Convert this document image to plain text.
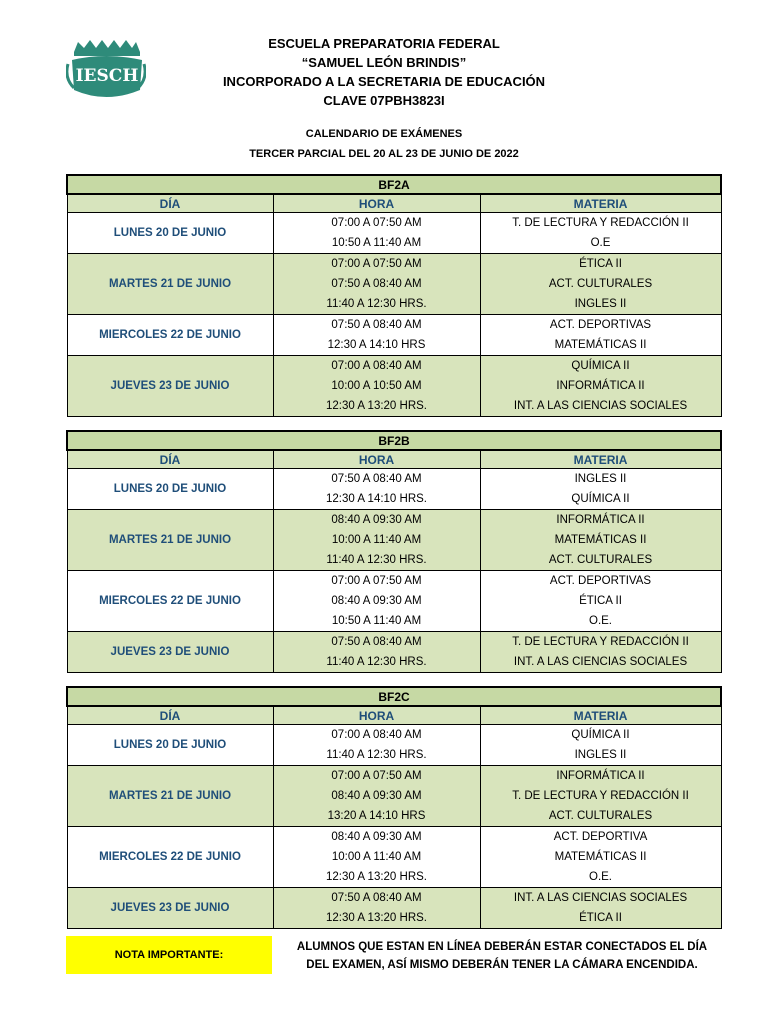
IESCH
ESCUELA PREPARATORIA FEDERAL
“SAMUEL LEÓN BRINDIS”
INCORPORADO A LA SECRETARIA DE EDUCACIÓN
CLAVE 07PBH3823I
CALENDARIO DE EXÁMENES
TERCER PARCIAL DEL 20 AL 23 DE JUNIO DE 2022
BF2A		
DÍA	HORA	MATERIA
LUNES 20 DE JUNIO	07:00 A 07:50 AM	T. DE LECTURA Y REDACCIÓN II
	10:50 A 11:40 AM	O.E
MARTES 21 DE JUNIO	07:00 A 07:50 AM	ÉTICA II
	07:50 A 08:40 AM	ACT. CULTURALES
	11:40 A 12:30 HRS.	INGLES II
MIERCOLES 22 DE JUNIO	07:50 A 08:40 AM	ACT. DEPORTIVAS
	12:30 A 14:10 HRS	MATEMÁTICAS II
JUEVES 23 DE JUNIO	07:00 A 08:40 AM	QUÍMICA II
	10:00 A 10:50 AM	INFORMÁTICA II
	12:30 A 13:20 HRS.	INT. A LAS CIENCIAS SOCIALES
BF2B		
DÍA	HORA	MATERIA
LUNES 20 DE JUNIO	07:50 A 08:40 AM	INGLES II
	12:30 A 14:10 HRS.	QUÍMICA II
MARTES 21 DE JUNIO	08:40 A 09:30 AM	INFORMÁTICA II
	10:00 A 11:40 AM	MATEMÁTICAS II
	11:40 A 12:30 HRS.	ACT. CULTURALES
MIERCOLES 22 DE JUNIO	07:00 A 07:50 AM	ACT. DEPORTIVAS
	08:40 A 09:30 AM	ÉTICA II
	10:50 A 11:40 AM	O.E.
JUEVES 23 DE JUNIO	07:50 A 08:40 AM	T. DE LECTURA Y REDACCIÓN II
	11:40 A 12:30 HRS.	INT. A LAS CIENCIAS SOCIALES
BF2C		
DÍA	HORA	MATERIA
LUNES 20 DE JUNIO	07:00 A 08:40 AM	QUÍMICA II
	11:40 A 12:30 HRS.	INGLES II
MARTES 21 DE JUNIO	07:00 A 07:50 AM	INFORMÁTICA II
	08:40 A 09:30 AM	T. DE LECTURA Y REDACCIÓN II
	13:20 A 14:10 HRS	ACT. CULTURALES
MIERCOLES 22 DE JUNIO	08:40 A 09:30 AM	ACT. DEPORTIVA
	10:00 A 11:40 AM	MATEMÁTICAS II
	12:30 A 13:20 HRS.	O.E.
JUEVES 23 DE JUNIO	07:50 A 08:40 AM	INT. A LAS CIENCIAS SOCIALES
	12:30 A 13:20 HRS.	ÉTICA II
NOTA IMPORTANTE:
ALUMNOS QUE ESTAN EN LÍNEA DEBERÁN ESTAR CONECTADOS EL DÍA
DEL EXAMEN, ASÍ MISMO DEBERÁN TENER LA CÁMARA ENCENDIDA.
